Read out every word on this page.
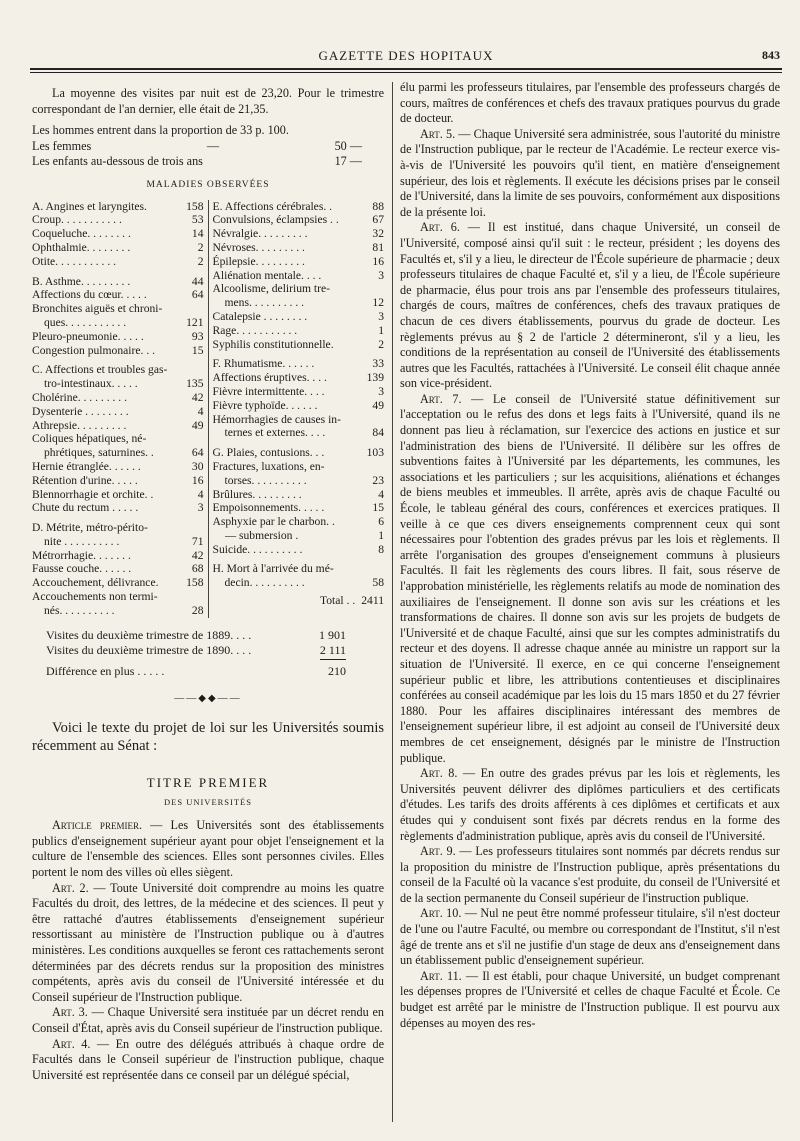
GAZETTE DES HOPITAUX	843

La moyenne des visites par nuit est de 23,20. Pour le trimestre correspondant de l'an dernier, elle était de 21,35.

Les hommes entrent dans la proportion de 33 p. 100.
Les femmes	—	50 —
Les enfants au-dessous de trois ans	17 —
MALADIES OBSERVÉES
A. Angines et laryngites.	158
Croup. . . . . . . . . . .	53
Coqueluche. . . . . . . .	14
Ophthalmie. . . . . . . .	2
Otite. . . . . . . . . . .	2
B. Asthme. . . . . . . . .	44
Affections du cœur. . . . .	64
Bronchites aiguës et chroni-
ques. . . . . . . . . . .	121
Pleuro-pneumonie. . . . .	93
Congestion pulmonaire. . .	15
C. Affections et troubles gas-
tro-intestinaux. . . . .	135
Cholérine. . . . . . . . .	42
Dysenterie . . . . . . . .	4
Athrepsie. . . . . . . . .	49
Coliques hépatiques, né-
phrétiques, saturnines. .	64
Hernie étranglée. . . . . .	30
Rétention d'urine. . . . .	16
Blennorrhagie et orchite. .	4
Chute du rectum . . . . .	3
D. Métrite, métro-périto-
nite . . . . . . . . . .	71
Métrorrhagie. . . . . . .	42
Fausse couche. . . . . .	68
Accouchement, délivrance.	158
Accouchements non termi-
nés. . . . . . . . . .	28
E. Affections cérébrales. .	88
Convulsions, éclampsies . .	67
Névralgie. . . . . . . . .	32
Névroses. . . . . . . . .	81
Épilepsie. . . . . . . . .	16
Aliénation mentale. . . .	3
Alcoolisme, delirium tre-
mens. . . . . . . . . .	12
Catalepsie . . . . . . . .	3
Rage. . . . . . . . . . .	1
Syphilis constitutionnelle.	2
F. Rhumatisme. . . . . .	33
Affections éruptives. . . .	139
Fièvre intermittente. . . .	3
Fièvre typhoïde. . . . . .	49
Hémorrhagies de causes in-
ternes et externes. . . .	84
G. Plaies, contusions. . .	103
Fractures, luxations, en-
torses. . . . . . . . . .	23
Brûlures. . . . . . . . .	4
Empoisonnements. . . . .	15
Asphyxie par le charbon. .	6
— submersion .	1
Suicide. . . . . . . . . .	8
H. Mort à l'arrivée du mé-
decin. . . . . . . . . .	58
Total . . 2411
Visites du deuxième trimestre de 1889. . . .	1 901
Visites du deuxième trimestre de 1890. . . .	2 111
Différence en plus . . . . .	210
——◆◆——

Voici le texte du projet de loi sur les Universités soumis récemment au Sénat :

TITRE PREMIER
DES UNIVERSITÉS

Article premier. — Les Universités sont des établissements publics d'enseignement supérieur ayant pour objet l'enseignement et la culture de l'ensemble des sciences. Elles sont personnes civiles. Elles portent le nom des villes où elles siègent.

Art. 2. — Toute Université doit comprendre au moins les quatre Facultés du droit, des lettres, de la médecine et des sciences. Il peut y être rattaché d'autres établissements d'enseignement supérieur ressortissant au ministère de l'Instruction publique ou à d'autres ministères. Les conditions auxquelles se feront ces rattachements seront déterminées par des décrets rendus sur la proposition des ministres compétents, après avis du conseil de l'Université intéressée et du Conseil supérieur de l'Instruction publique.

Art. 3. — Chaque Université sera instituée par un décret rendu en Conseil d'État, après avis du Conseil supérieur de l'instruction publique.

Art. 4. — En outre des délégués attribués à chaque ordre de Facultés dans le Conseil supérieur de l'instruction publique, chaque Université est représentée dans ce conseil par un délégué spécial,

élu parmi les professeurs titulaires, par l'ensemble des professeurs chargés de cours, maîtres de conférences et chefs des travaux pratiques pourvus du grade de docteur.

Art. 5. — Chaque Université sera administrée, sous l'autorité du ministre de l'Instruction publique, par le recteur de l'Académie. Le recteur exerce vis-à-vis de l'Université les pouvoirs qu'il tient, en matière d'enseignement supérieur, des lois et règlements. Il exécute les décisions prises par le conseil de l'Université, dans la limite de ses pouvoirs, conformément aux dispositions de la présente loi.

Art. 6. — Il est institué, dans chaque Université, un conseil de l'Université, composé ainsi qu'il suit : le recteur, président ; les doyens des Facultés et, s'il y a lieu, le directeur de l'École supérieure de pharmacie ; deux professeurs titulaires de chaque Faculté et, s'il y a lieu, de l'École supérieure de pharmacie, élus pour trois ans par l'ensemble des professeurs titulaires, chargés de cours, maîtres de conférences, chefs des travaux pratiques de chacun de ces divers établissements, pourvus du grade de docteur. Les règlements prévus au § 2 de l'article 2 détermineront, s'il y a lieu, les conditions de la représentation au conseil de l'Université des établissements autres que les Facultés, rattachées à l'Université. Le conseil élit chaque année son vice-président.

Art. 7. — Le conseil de l'Université statue définitivement sur l'acceptation ou le refus des dons et legs faits à l'Université, quand ils ne donnent pas lieu à réclamation, sur l'exercice des actions en justice et sur l'administration des biens de l'Université. Il délibère sur les offres de subventions faites à l'Université par les départements, les communes, les associations et les particuliers ; sur les acquisitions, aliénations et échanges de biens meubles et immeubles. Il arrête, après avis de chaque Faculté ou École, le tableau général des cours, conférences et exercices pratiques. Il veille à ce que ces divers enseignements comprennent ceux qui sont nécessaires pour l'obtention des grades prévus par les lois et règlements. Il arrête l'organisation des groupes d'enseignement communs à plusieurs Facultés. Il fait les règlements des cours libres. Il fait, sous réserve de l'approbation ministérielle, les règlements relatifs au mode de nomination des auxiliaires de l'enseignement. Il donne son avis sur les créations et les transformations de chaires. Il donne son avis sur les projets de budgets de l'Université et de chaque Faculté, ainsi que sur les comptes administratifs du recteur et des doyens. Il adresse chaque année au ministre un rapport sur la situation de l'Université. Il exerce, en ce qui concerne l'enseignement supérieur public et libre, les attributions contentieuses et disciplinaires conférées au conseil académique par les lois du 15 mars 1850 et du 27 février 1880. Pour les affaires disciplinaires intéressant des membres de l'enseignement supérieur libre, il est adjoint au conseil de l'Université deux membres de cet enseignement, désignés par le ministre de l'Instruction publique.

Art. 8. — En outre des grades prévus par les lois et règlements, les Universités peuvent délivrer des diplômes particuliers et des certificats d'études. Les tarifs des droits afférents à ces diplômes et certificats et aux études qui y conduisent sont fixés par décrets rendus en la forme des règlements d'administration publique, après avis du conseil de l'Université.

Art. 9. — Les professeurs titulaires sont nommés par décrets rendus sur la proposition du ministre de l'Instruction publique, après présentations du conseil de la Faculté où la vacance s'est produite, du conseil de l'Université et de la section permanente du Conseil supérieur de l'instruction publique.

Art. 10. — Nul ne peut être nommé professeur titulaire, s'il n'est docteur de l'une ou l'autre Faculté, ou membre ou correspondant de l'Institut, s'il n'est âgé de trente ans et s'il ne justifie d'un stage de deux ans d'enseignement dans un établissement public d'enseignement supérieur.

Art. 11. — Il est établi, pour chaque Université, un budget comprenant les dépenses propres de l'Université et celles de chaque Faculté et École. Ce budget est arrêté par le ministre de l'Instruction publique. Il est pourvu aux dépenses au moyen des res-
